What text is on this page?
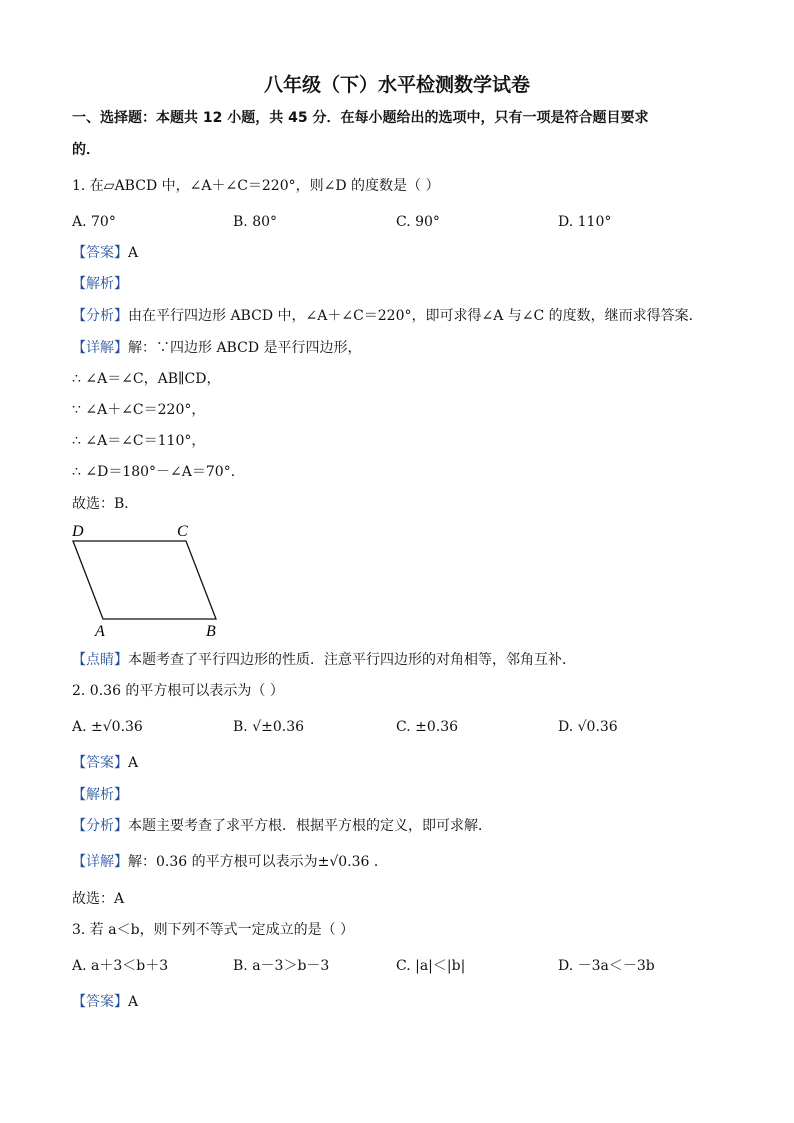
八年级（下）水平检测数学试卷
一、选择题：本题共 12 小题，共 45 分．在每小题给出的选项中，只有一项是符合题目要求
的．
1. 在▱ABCD 中，∠A＋∠C＝220°，则∠D 的度数是（ ）
A. 70°	B. 80°	C. 90°	D. 110°
【答案】A
【解析】
【分析】由在平行四边形 ABCD 中，∠A＋∠C＝220°，即可求得∠A 与∠C 的度数，继而求得答案．
【详解】解：∵四边形 ABCD 是平行四边形，
∴ ∠A＝∠C，AB∥CD，
∵ ∠A＋∠C＝220°，
∴ ∠A＝∠C＝110°，
∴ ∠D＝180°－∠A＝70°．
故选：B．
D	C
A	B
【点睛】本题考查了平行四边形的性质．注意平行四边形的对角相等，邻角互补．
2. 0.36 的平方根可以表示为（ ）
A. ±√0.36	B. √±0.36	C. ±0.36	D. √0.36
【答案】A
【解析】
【分析】本题主要考查了求平方根．根据平方根的定义，即可求解．
【详解】解：0.36 的平方根可以表示为±√0.36 ．
故选：A
3. 若 a＜b，则下列不等式一定成立的是（ ）
A. a＋3＜b＋3	B. a－3＞b－3	C. |a|＜|b|	D. －3a＜－3b
【答案】A
